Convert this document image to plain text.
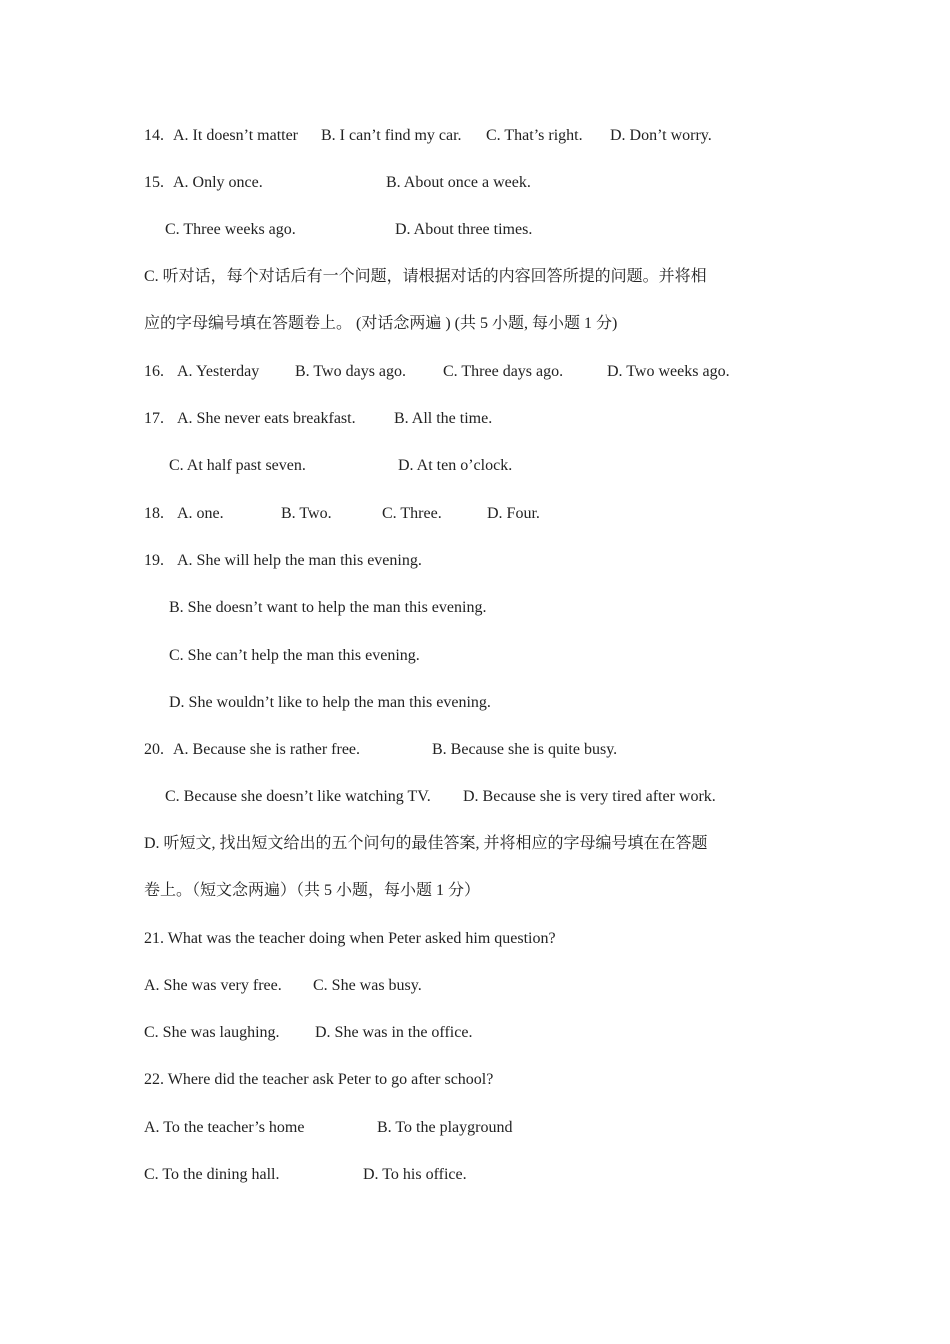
14. A. It doesn’t matter B. I can’t find my car. C. That’s right. D. Don’t worry.
15. A. Only once.	B. About once a week.
C. Three weeks ago.	D. About three times.
C. 听对话，每个对话后有一个问题，请根据对话的内容回答所提的问题。并将相
应的字母编号填在答题卷上。 (对话念两遍 ) (共 5 小题, 每小题 1 分)
16. A. Yesterday B. Two days ago. C. Three days ago.	D. Two weeks ago.
17. A. She never eats breakfast. B. All the time.
C. At half past seven.	D. At ten o’clock.
18. A. one.	B. Two.	C. Three.	D. Four.
19. A. She will help the man this evening.
B. She doesn’t want to help the man this evening.
C. She can’t help the man this evening.
D. She wouldn’t like to help the man this evening.
20. A. Because she is rather free.	B. Because she is quite busy.
C. Because she doesn’t like watching TV. D. Because she is very tired after work.
D. 听短文, 找出短文给出的五个问句的最佳答案, 并将相应的字母编号填在在答题
卷上。（短文念两遍）（共 5 小题，每小题 1 分）
21. What was the teacher doing when Peter asked him question?
A. She was very free. C. She was busy.
C. She was laughing. D. She was in the office.
22. Where did the teacher ask Peter to go after school?
A. To the teacher’s home	B. To the playground
C. To the dining hall.	D. To his office.
